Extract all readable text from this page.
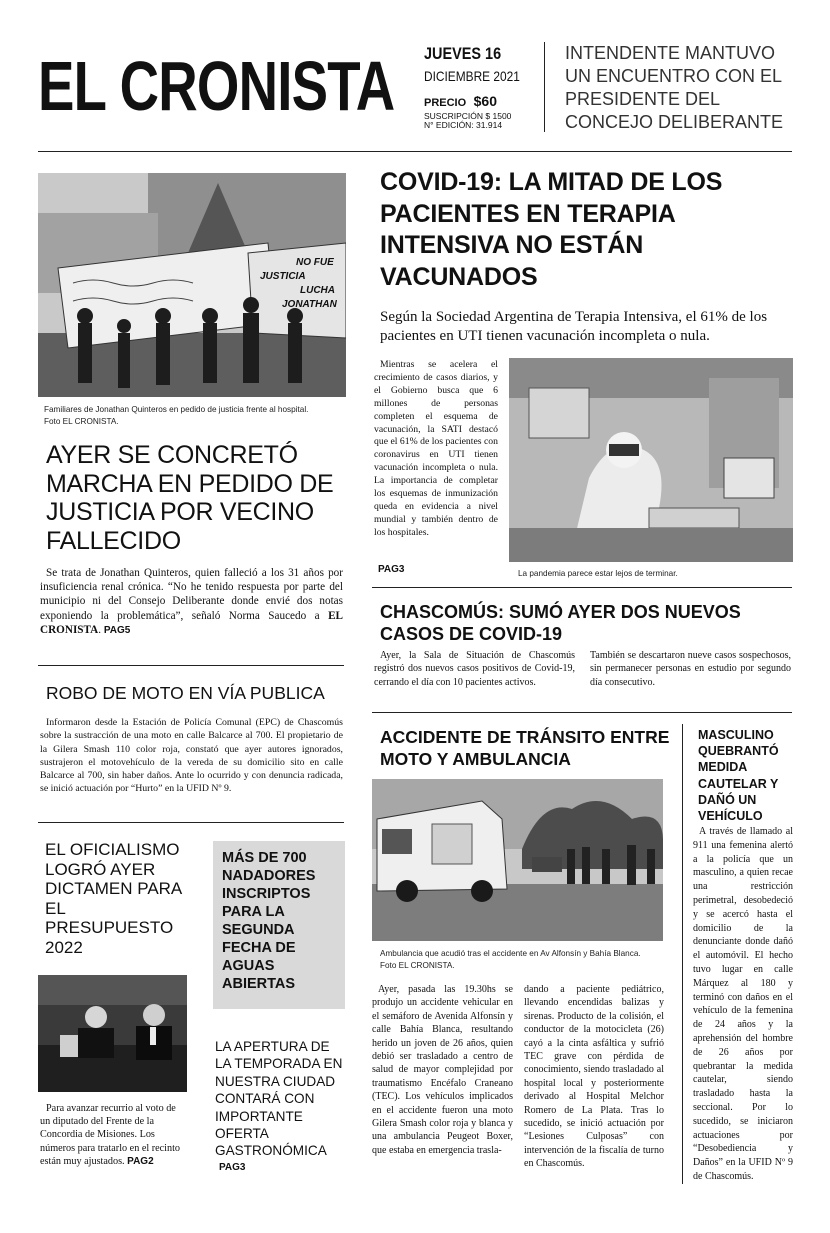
EL CRONISTA JUEVES 16
DICIEMBRE 2021
PRECIO $60
SUSCRIPCIÓN $ 1500
N° EDICIÓN: 31.914
INTENDENTE MANTUVO UN ENCUENTRO CON EL PRESIDENTE DEL CONCEJO DELIBERANTE
NO FUE
JUSTICIA
LUCHA
JONATHAN
Familiares de Jonathan Quinteros en pedido de justicia frente al hospital. Foto EL CRONISTA.
AYER SE CONCRETÓ MARCHA EN PEDIDO DE JUSTICIA POR VECINO FALLECIDO
Se trata de Jonathan Quinteros, quien falleció a los 31 años por insuficiencia renal crónica. “No he tenido respuesta por parte del municipio ni del Consejo Deliberante donde envié dos notas exponiendo la problemática”, señaló Norma Saucedo a EL CRONISTA. PAG5
ROBO DE MOTO EN VÍA PUBLICA
Informaron desde la Estación de Policía Comunal (EPC) de Chascomús sobre la sustracción de una moto en calle Balcarce al 700. El propietario de la Gilera Smash 110 color roja, constató que ayer autores ignorados, sustrajeron el motovehículo de la vereda de su domicilio sito en calle Balcarce al 700, sin haber daños. Ante lo ocurrido y con denuncia radicada, se inició actuación por “Hurto” en la UFID Nº 9.
EL OFICIALISMO LOGRÓ AYER DICTAMEN PARA EL PRESUPUESTO 2022
Para avanzar recurrio al voto de un diputado del Frente de la Concordia de Misiones. Los números para tratarlo en el recinto están muy ajustados. PAG2
MÁS DE 700 NADADORES INSCRIPTOS PARA LA SEGUNDA FECHA DE AGUAS ABIERTAS
LA APERTURA DE LA TEMPORADA EN NUESTRA CIUDAD CONTARÁ CON IMPORTANTE OFERTA GASTRONÓMICA
PAG3
COVID-19: LA MITAD DE LOS PACIENTES EN TERAPIA INTENSIVA NO ESTÁN VACUNADOS
Según la Sociedad Argentina de Terapia Intensiva, el 61% de los pacientes en UTI tienen vacunación incompleta o nula.
Mientras se acelera el crecimiento de casos diarios, y el Gobierno busca que 6 millones de personas completen el esquema de vacunación, la SATI destacó que el 61% de los pacientes con coronavirus en UTI tienen vacunación incompleta o nula. La importancia de completar los esquemas de inmunización queda en evidencia a nivel mundial y también dentro de los hospitales.
PAG3	La pandemia parece estar lejos de terminar.
CHASCOMÚS: SUMÓ AYER DOS NUEVOS CASOS DE COVID-19
Ayer, la Sala de Situación de Chascomús registró dos nuevos casos positivos de Covid-19, cerrando el día con 10 pacientes activos.
También se descartaron nueve casos sospechosos, sin permanecer personas en estudio por segundo día consecutivo.
ACCIDENTE DE TRÁNSITO ENTRE MOTO Y AMBULANCIA
Ambulancia que acudió tras el accidente en Av Alfonsín y Bahía Blanca. Foto EL CRONISTA.
Ayer, pasada las 19.30hs se produjo un accidente vehicular en el semáforo de Avenida Alfonsín y calle Bahía Blanca, resultando herido un joven de 26 años, quien debió ser trasladado a centro de salud de mayor complejidad por traumatismo Encéfalo Craneano (TEC). Los vehículos implicados en el accidente fueron una moto Gilera Smash color roja y blanca y una ambulancia Peugeot Boxer, que estaba en emergencia trasla-
dando a paciente pediátrico, llevando encendidas balizas y sirenas. Producto de la colisión, el conductor de la motocicleta (26) cayó a la cinta asfáltica y sufrió TEC grave con pérdida de conocimiento, siendo trasladado al hospital local y posteriormente derivado al Hospital Melchor Romero de La Plata. Tras lo sucedido, se inició actuación por “Lesiones Culposas” con intervención de la fiscalía de turno en Chascomús.
MASCULINO QUEBRANTÓ MEDIDA CAUTELAR Y DAÑÓ UN VEHÍCULO
A través de llamado al 911 una femenina alertó a la policía que un masculino, a quien recae una restricción perimetral, desobedeció y se acercó hasta el domicilio de la denunciante donde dañó el automóvil. El hecho tuvo lugar en calle Márquez al 180 y terminó con daños en el vehículo de la femenina de 24 años y la aprehensión del hombre de 26 años por quebrantar la medida cautelar, siendo trasladado hasta la seccional. Por lo sucedido, se iniciaron actuaciones por “Desobediencia y Daños” en la UFID Nº 9 de Chascomús.
